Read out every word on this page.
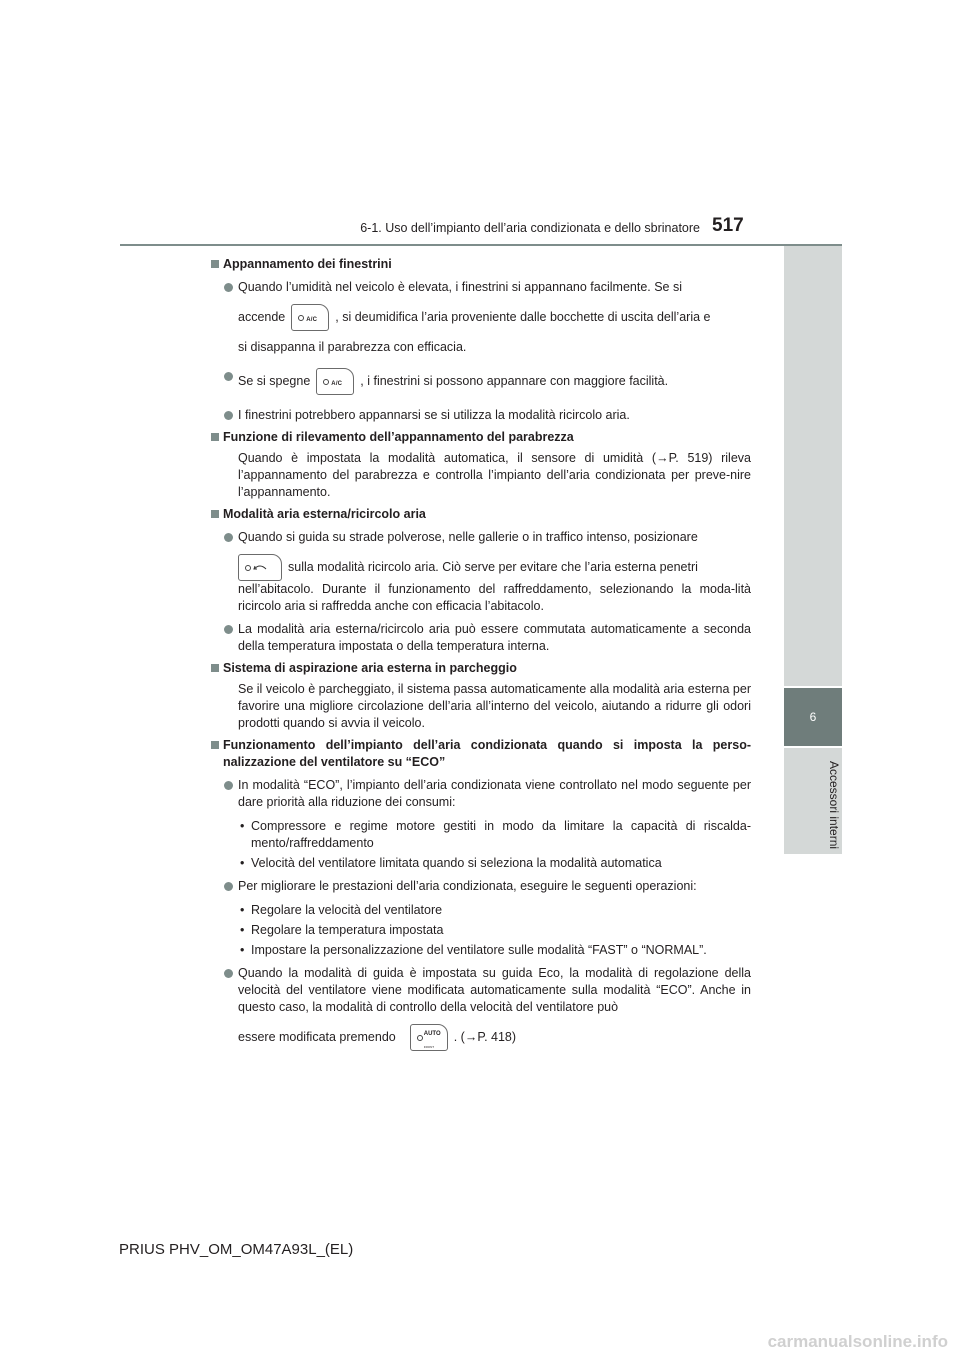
6-1. Uso dell’impianto dell’aria condizionata e dello sbrinatore 517
6
Accessori interni
Appannamento dei finestrini
Quando l’umidità nel veicolo è elevata, i finestrini si appannano facilmente. Se si
accende	A/C , si deumidifica l’aria proveniente dalle bocchette di uscita dell’aria e
si disappanna il parabrezza con efficacia.
Se si spegne	A/C , i finestrini si possono appannare con maggiore facilità.
I finestrini potrebbero appannarsi se si utilizza la modalità ricircolo aria.
Funzione di rilevamento dell’appannamento del parabrezza
Quando è impostata la modalità automatica, il sensore di umidità (→P. 519) rileva l’appannamento del parabrezza e controlla l’impianto dell’aria condizionata per preve-nire l’appannamento.
Modalità aria esterna/ricircolo aria
Quando si guida su strade polverose, nelle gallerie o in traffico intenso, posizionare
sulla modalità ricircolo aria. Ciò serve per evitare che l’aria esterna penetri
nell’abitacolo. Durante il funzionamento del raffreddamento, selezionando la moda-lità ricircolo aria si raffredda anche con efficacia l’abitacolo.
La modalità aria esterna/ricircolo aria può essere commutata automaticamente a seconda della temperatura impostata o della temperatura interna.
Sistema di aspirazione aria esterna in parcheggio
Se il veicolo è parcheggiato, il sistema passa automaticamente alla modalità aria esterna per favorire una migliore circolazione dell’aria all’interno del veicolo, aiutando a ridurre gli odori prodotti quando si avvia il veicolo.
Funzionamento dell’impianto dell’aria condizionata quando si imposta la perso-nalizzazione del ventilatore su “ECO”
In modalità “ECO”, l’impianto dell’aria condizionata viene controllato nel modo seguente per dare priorità alla riduzione dei consumi:
• Compressore e regime motore gestiti in modo da limitare la capacità di riscalda-mento/raffreddamento
• Velocità del ventilatore limitata quando si seleziona la modalità automatica
Per migliorare le prestazioni dell’aria condizionata, eseguire le seguenti operazioni:
• Regolare la velocità del ventilatore
• Regolare la temperatura impostata
• Impostare la personalizzazione del ventilatore sulle modalità “FAST” o “NORMAL”.
Quando la modalità di guida è impostata su guida Eco, la modalità di regolazione della velocità del ventilatore viene modificata automaticamente sulla modalità “ECO”. Anche in questo caso, la modalità di controllo della velocità del ventilatore può
essere modificata premendo	AUTO
FRONT
. (→P. 418)
PRIUS PHV_OM_OM47A93L_(EL)
carmanualsonline.info
